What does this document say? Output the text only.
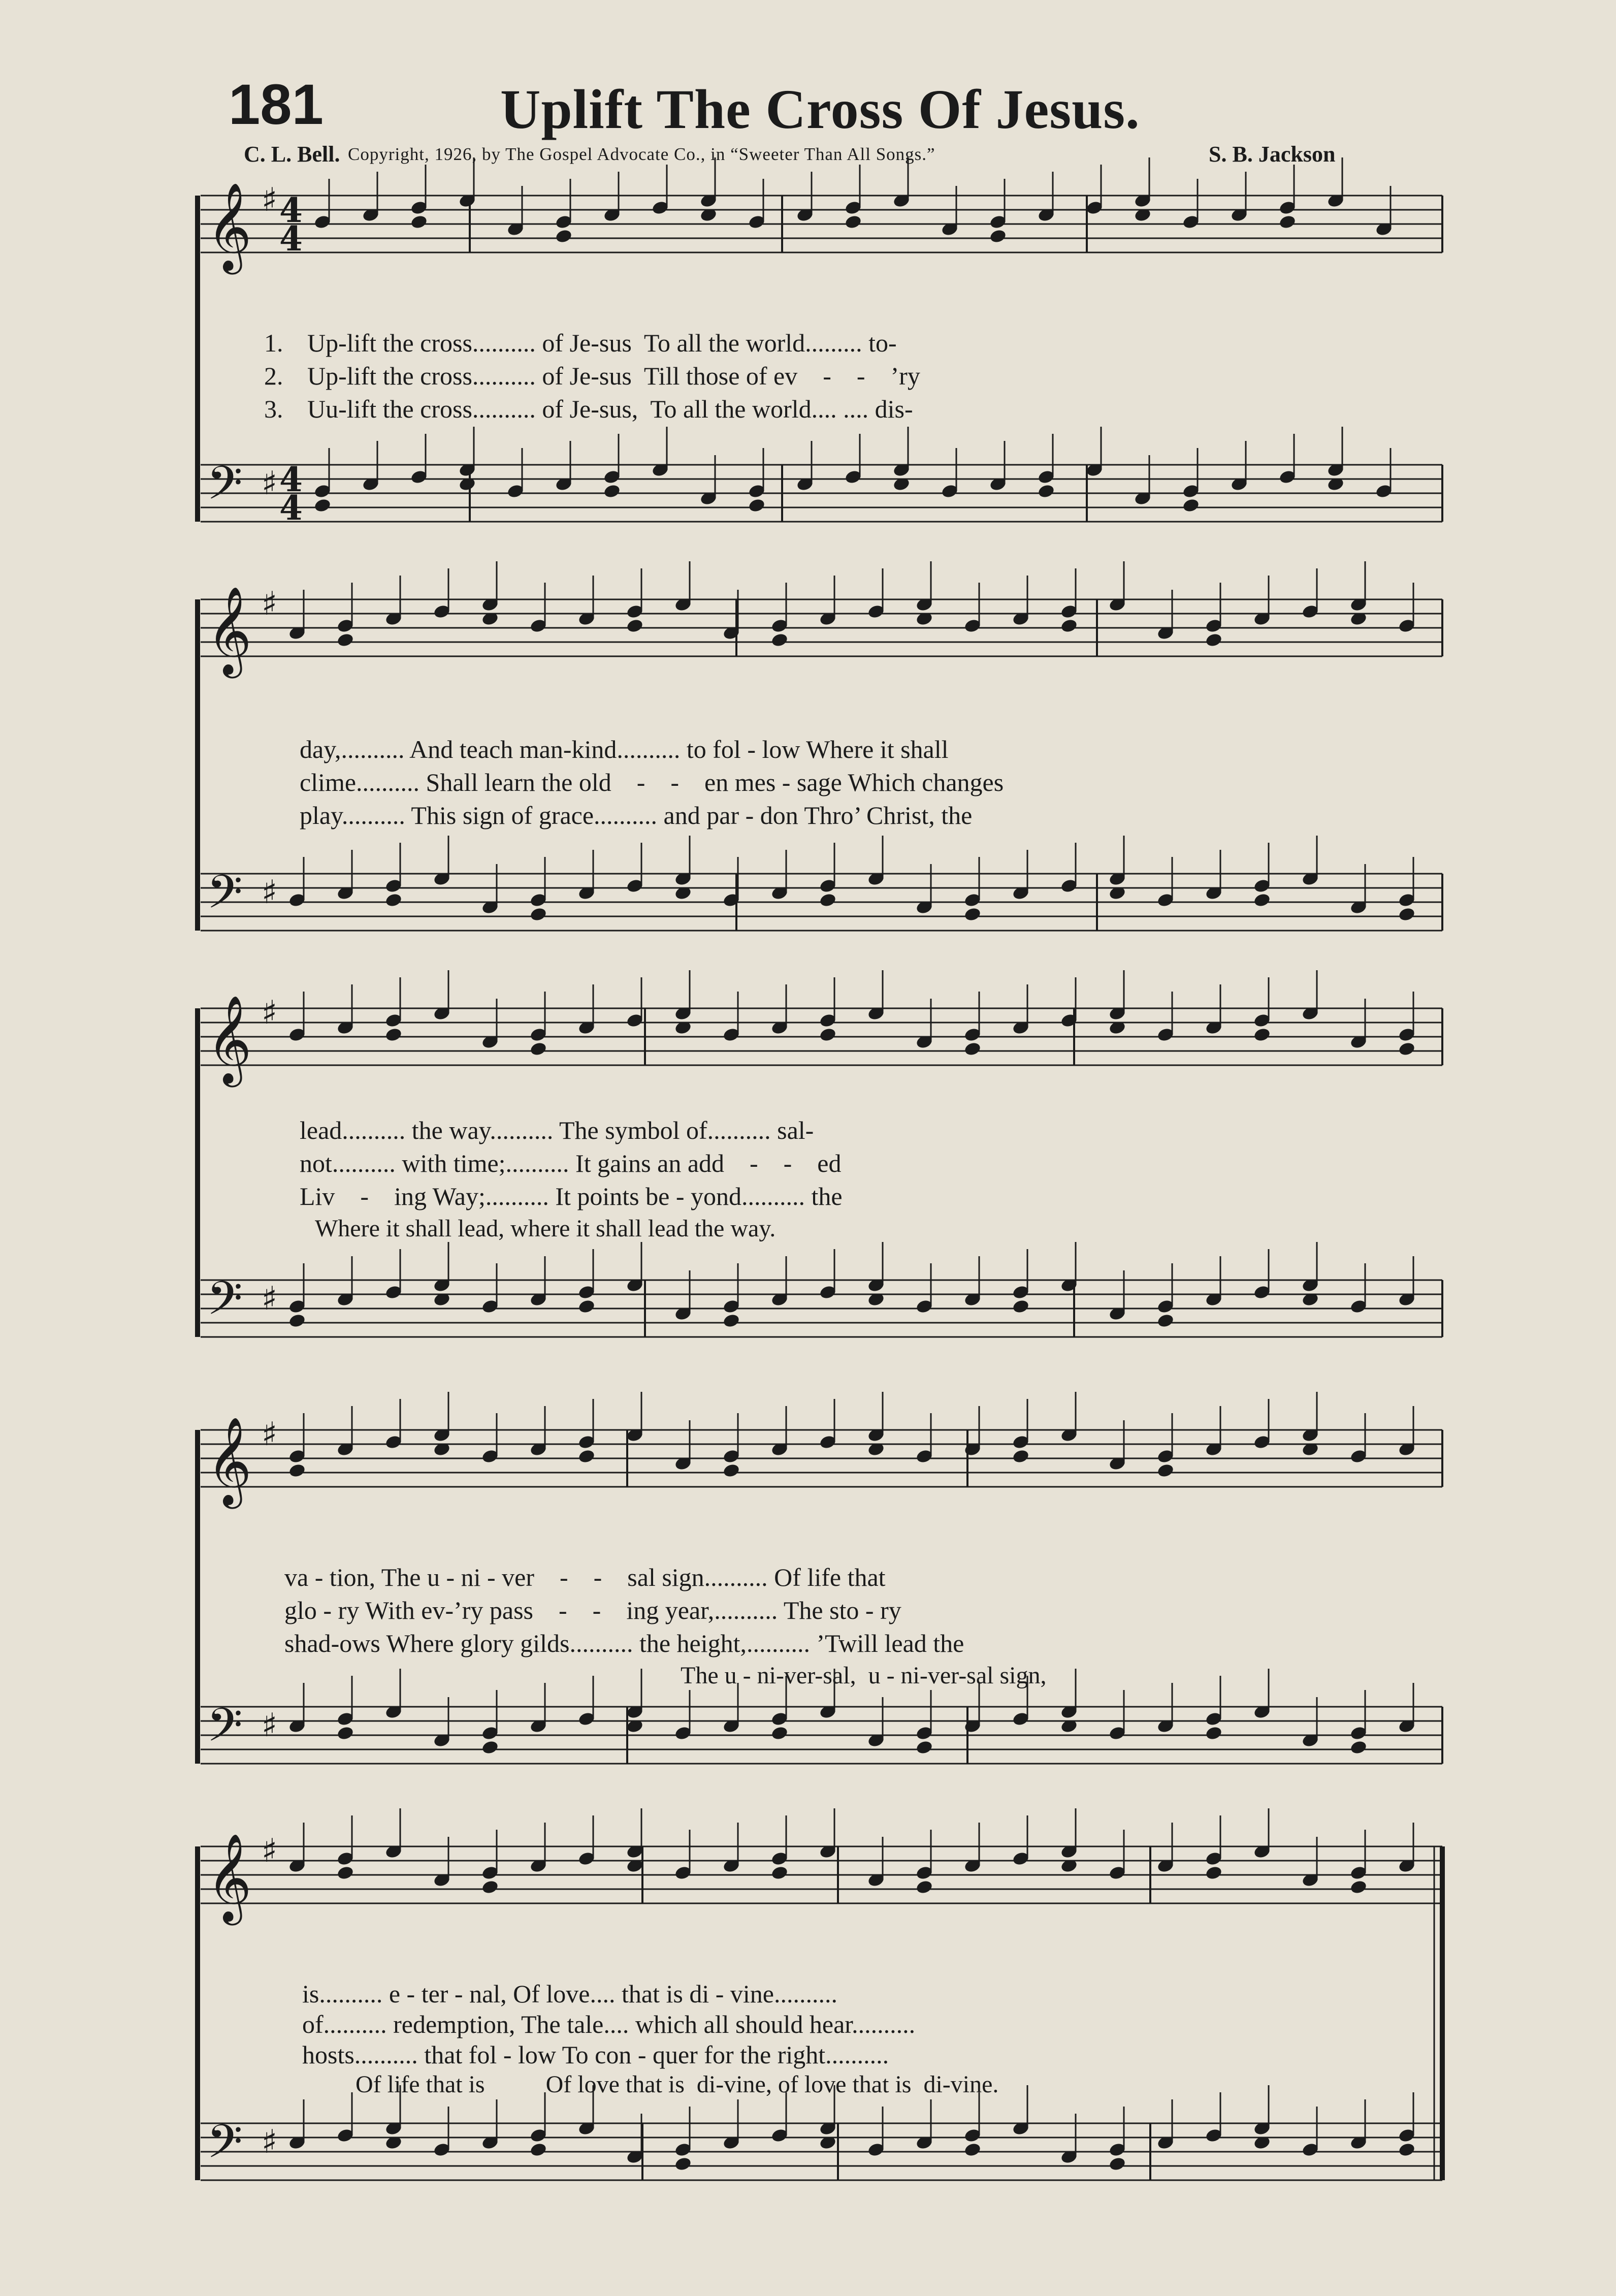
181	Uplift The Cross Of Jesus.
C. L. Bell. Copyright, 1926, by The Gospel Advocate Co., in “Sweeter Than All Songs.”	S. B. Jackson
𝄞 ♯ 4
4
𝄢 ♯ 4
4
𝄞 ♯
𝄢 ♯
𝄞 ♯
𝄢 ♯
𝄞 ♯
𝄢 ♯
𝄞 ♯
𝄢 ♯
1.
2.
3.
Up-lift the cross.......... of Je-sus  To all the world......... to-
Up-lift the cross.......... of Je-sus  Till those of ev    -    -    ’ry
Uu-lift the cross.......... of Je-sus,  To all the world.... .... dis-
day,.......... And teach man-kind.......... to fol - low Where it shall
clime.......... Shall learn the old    -    -    en mes - sage Which changes
play.......... This sign of grace.......... and par - don Thro’ Christ, the
lead.......... the way.......... The symbol of.......... sal-
not.......... with time;.......... It gains an add    -    -    ed
Liv    -    ing Way;.......... It points be - yond.......... the
Where it shall lead, where it shall lead the way.
va - tion, The u - ni - ver    -    -    sal sign.......... Of life that
glo - ry With ev-’ry pass    -    -    ing year,.......... The sto - ry
shad-ows Where glory gilds.......... the height,.......... ’Twill lead the
The u - ni-ver-sal,  u - ni-ver-sal sign,
is.......... e - ter - nal, Of love.... that is di - vine..........
of.......... redemption, The tale.... which all should hear..........
hosts.......... that fol - low To con - quer for the right..........
Of life that is          Of love that is  di-vine, of love that is  di-vine.
